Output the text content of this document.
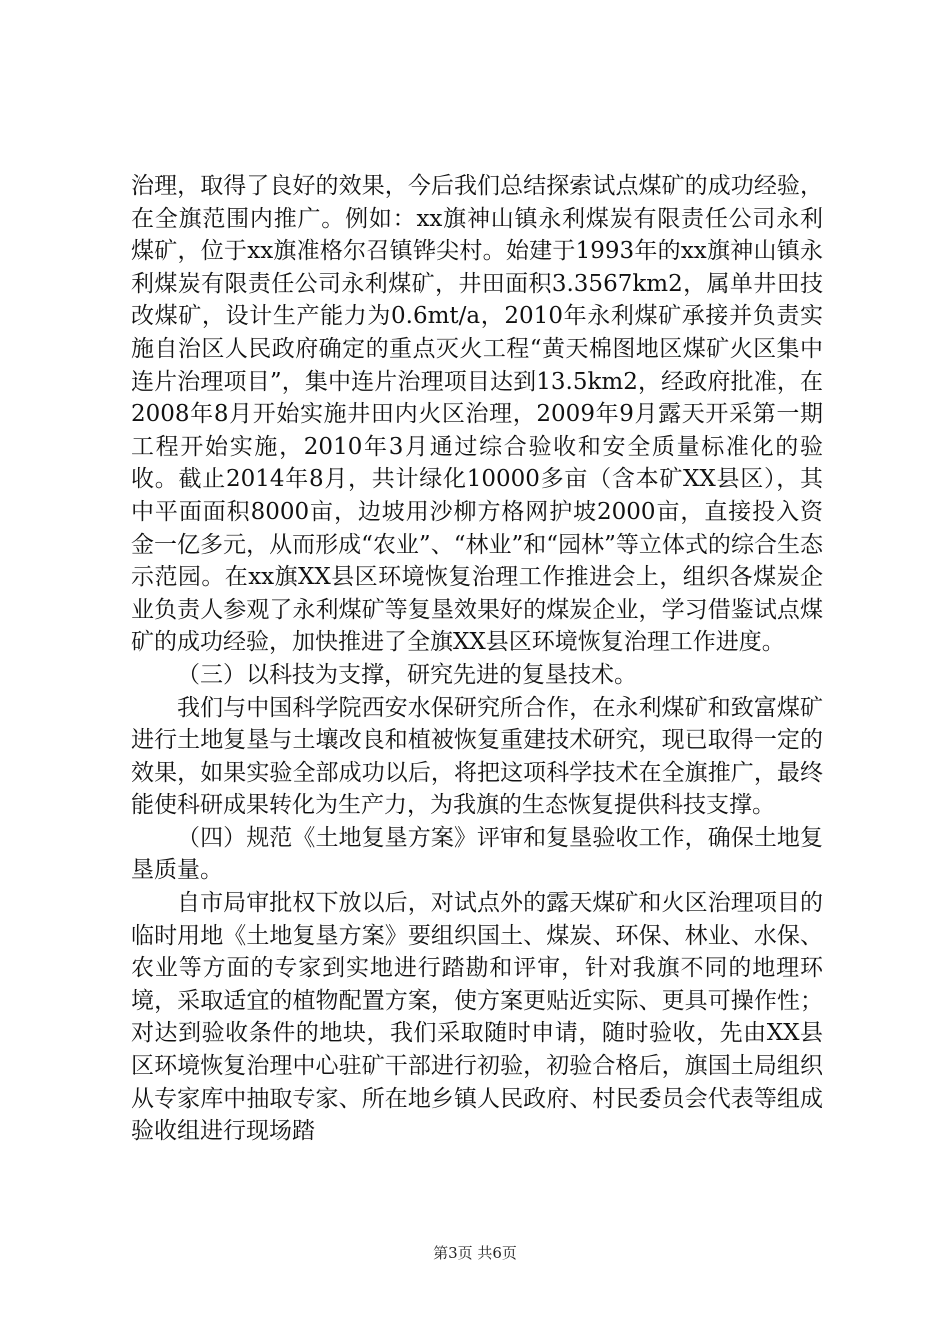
治理，取得了良好的效果，今后我们总结探索试点煤矿的成功经验，在全旗范围内推广。例如：xx旗神山镇永利煤炭有限责任公司永利煤矿，位于xx旗准格尔召镇铧尖村。始建于1993年的xx旗神山镇永利煤炭有限责任公司永利煤矿，井田面积3.3567km2，属单井田技改煤矿，设计生产能力为0.6mt/a，2010年永利煤矿承接并负责实施自治区人民政府确定的重点灭火工程“黄天棉图地区煤矿火区集中连片治理项目”，集中连片治理项目达到13.5km2，经政府批准，在2008年8月开始实施井田内火区治理，2009年9月露天开采第一期工程开始实施，2010年3月通过综合验收和安全质量标准化的验收。截止2014年8月，共计绿化10000多亩（含本矿XX县区），其中平面面积8000亩，边坡用沙柳方格网护坡2000亩，直接投入资金一亿多元，从而形成“农业”、“林业”和“园林”等立体式的综合生态示范园。在xx旗XX县区环境恢复治理工作推进会上，组织各煤炭企业负责人参观了永利煤矿等复垦效果好的煤炭企业，学习借鉴试点煤矿的成功经验，加快推进了全旗XX县区环境恢复治理工作进度。

（三）以科技为支撑，研究先进的复垦技术。

我们与中国科学院西安水保研究所合作，在永利煤矿和致富煤矿进行土地复垦与土壤改良和植被恢复重建技术研究，现已取得一定的效果，如果实验全部成功以后，将把这项科学技术在全旗推广，最终能使科研成果转化为生产力，为我旗的生态恢复提供科技支撑。

（四）规范《土地复垦方案》评审和复垦验收工作，确保土地复垦质量。

自市局审批权下放以后，对试点外的露天煤矿和火区治理项目的临时用地《土地复垦方案》要组织国土、煤炭、环保、林业、水保、农业等方面的专家到实地进行踏勘和评审，针对我旗不同的地理环境，采取适宜的植物配置方案，使方案更贴近实际、更具可操作性；对达到验收条件的地块，我们采取随时申请，随时验收，先由XX县区环境恢复治理中心驻矿干部进行初验，初验合格后，旗国土局组织从专家库中抽取专家、所在地乡镇人民政府、村民委员会代表等组成验收组进行现场踏

第3页 共6页
